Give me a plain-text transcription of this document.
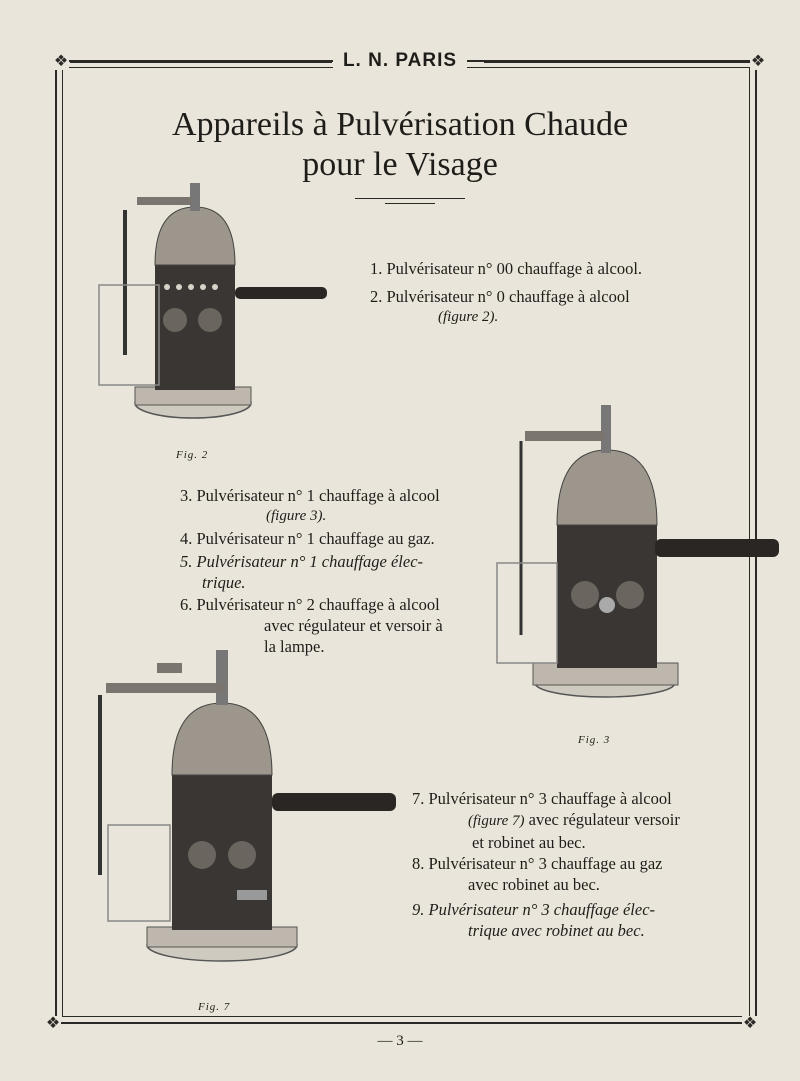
❖	❖
❖	❖
L. N. PARIS
Appareils à Pulvérisation Chaude
pour le Visage
Fig. 2
Fig. 3
Fig. 7
1. Pulvérisateur n° 00 chauffage à alcool.
2. Pulvérisateur n° 0 chauffage à alcool
(figure 2).
3. Pulvérisateur n° 1 chauffage à alcool
(figure 3).
4. Pulvérisateur n° 1 chauffage au gaz.
5. Pulvérisateur n° 1 chauffage élec-
trique.
6. Pulvérisateur n° 2 chauffage à alcool
avec régulateur et versoir à
la lampe.
7. Pulvérisateur n° 3 chauffage à alcool
(figure 7) avec régulateur versoir
et robinet au bec.
8. Pulvérisateur n° 3 chauffage au gaz
avec robinet au bec.
9. Pulvérisateur n° 3 chauffage élec-
trique avec robinet au bec.
— 3 —
